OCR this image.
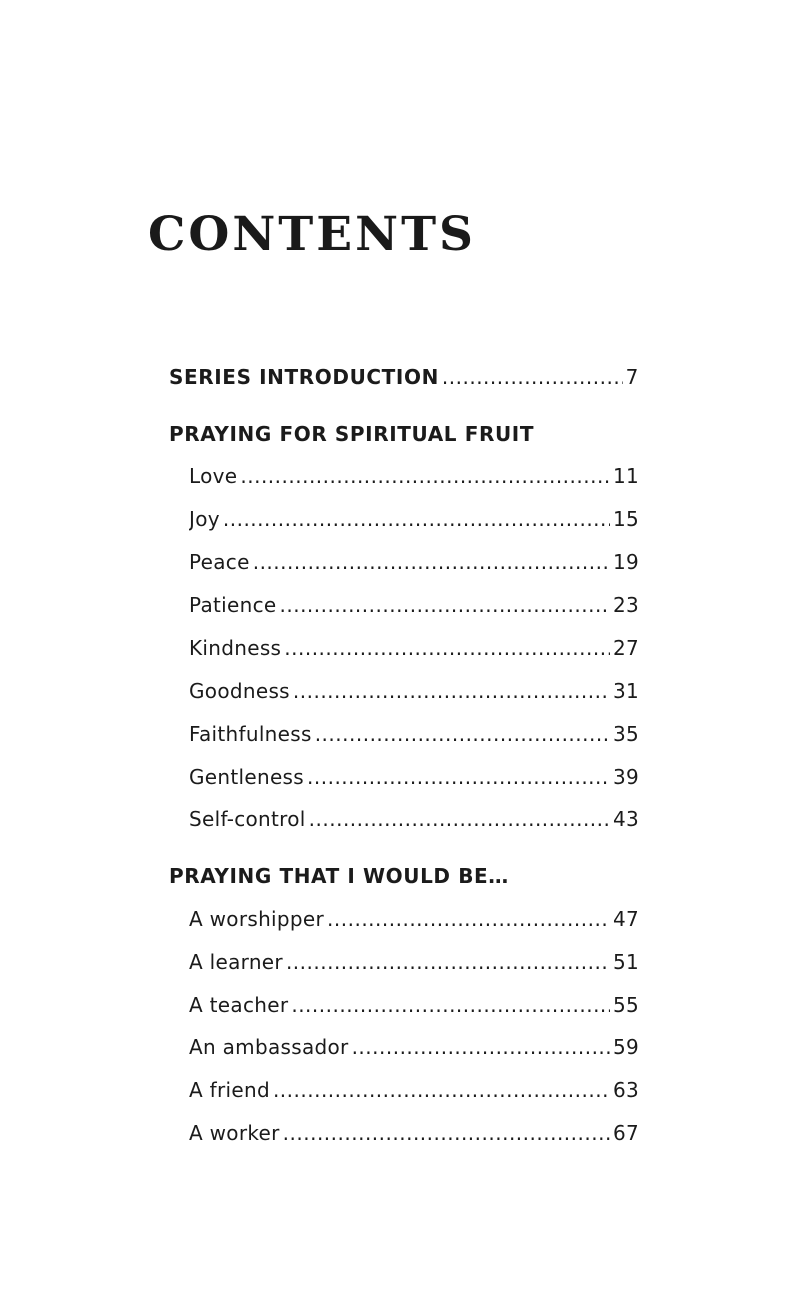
CONTENTS
SERIES INTRODUCTION .....	7
PRAYING FOR SPIRITUAL FRUIT
Love .....	11
Joy .....	15
Peace .....	19
Patience .....	23
Kindness .....	27
Goodness .....	31
Faithfulness .....	35
Gentleness .....	39
Self-control .....	43
PRAYING THAT I WOULD BE…
A worshipper .....	47
A learner .....	51
A teacher .....	55
An ambassador .....	59
A friend .....	63
A worker .....	67
